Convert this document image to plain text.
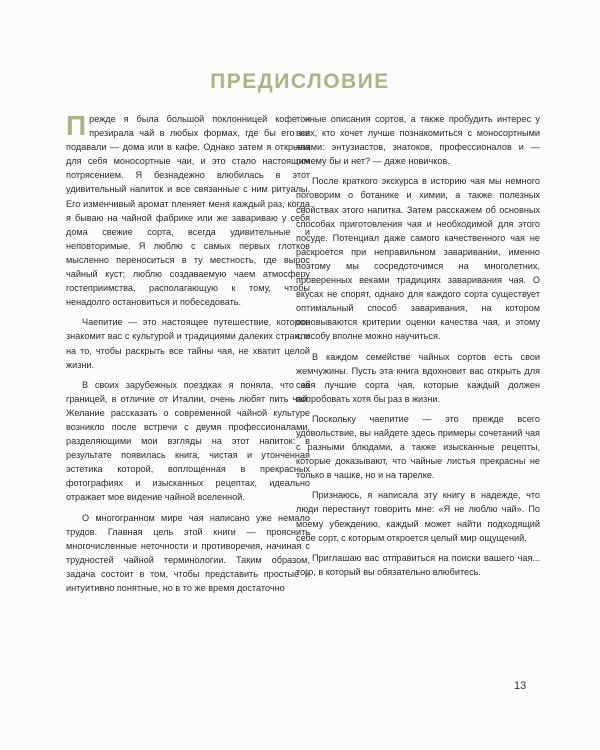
ПРЕДИСЛОВИЕ

Прежде я была большой поклонницей кофе и презирала чай в любых формах, где бы его ни подавали — дома или в кафе. Однако затем я открыла для себя моносортные чаи, и это стало настоящим потрясением. Я безнадежно влюбилась в этот удивительный напиток и все связанные с ним ритуалы. Его изменчивый аромат пленяет меня каждый раз, когда я бываю на чайной фабрике или же завариваю у себя дома свежие сорта, всегда удивительные и неповторимые. Я люблю с самых первых глотков мысленно переноситься в ту местность, где вырос чайный куст; люблю создаваемую чаем атмосферу гостеприимства, располагающую к тому, чтобы ненадолго остановиться и побеседовать.

Чаепитие — это настоящее путешествие, которое знакомит вас с культурой и традициями далеких стран, и на то, чтобы раскрыть все тайны чая, не хватит целой жизни.

В своих зарубежных поездках я поняла, что за границей, в отличие от Италии, очень любят пить чай. Желание рассказать о современной чайной культуре возникло после встречи с двумя профессионалами, разделяющими мои взгляды на этот напиток: в результате появилась книга, чистая и утонченная эстетика которой, воплощенная в прекрасных фотографиях и изысканных рецептах, идеально отражает мое видение чайной вселенной.

О многогранном мире чая написано уже немало трудов. Главная цель этой книги — прояснить многочисленные неточности и противоречия, начиная с трудностей чайной терминологии. Таким образом, задача состоит в том, чтобы представить простые и интуитивно понятные, но в то же время достаточно

точные описания сортов, а также пробудить интерес у всех, кто хочет лучше познакомиться с моносортными чаями: энтузиастов, знатоков, профессионалов и — почему бы и нет? — даже новичков.

После краткого экскурса в историю чая мы немного поговорим о ботанике и химии, а также полезных свойствах этого напитка. Затем расскажем об основных способах приготовления чая и необходимой для этого посуде. Потенциал даже самого качественного чая не раскроется при неправильном заваривании, именно поэтому мы сосредоточимся на многолетних, проверенных веками традициях заваривания чая. О вкусах не спорят, однако для каждого сорта существует оптимальный способ заваривания, на котором основываются критерии оценки качества чая, и этому способу вполне можно научиться.

В каждом семействе чайных сортов есть свои жемчужины. Пусть эта книга вдохновит вас открыть для себя лучшие сорта чая, которые каждый должен попробовать хотя бы раз в жизни.

Поскольку чаепитие — это прежде всего удовольствие, вы найдете здесь примеры сочетаний чая с разными блюдами, а также изысканные рецепты, которые доказывают, что чайные листья прекрасны не только в чашке, но и на тарелке.

Признаюсь, я написала эту книгу в надежде, что люди перестанут говорить мне: «Я не люблю чай». По моему убеждению, каждый может найти подходящий себе сорт, с которым откроется целый мир ощущений.

Приглашаю вас отправиться на поиски вашего чая... того, в который вы обязательно влюбитесь.

13
